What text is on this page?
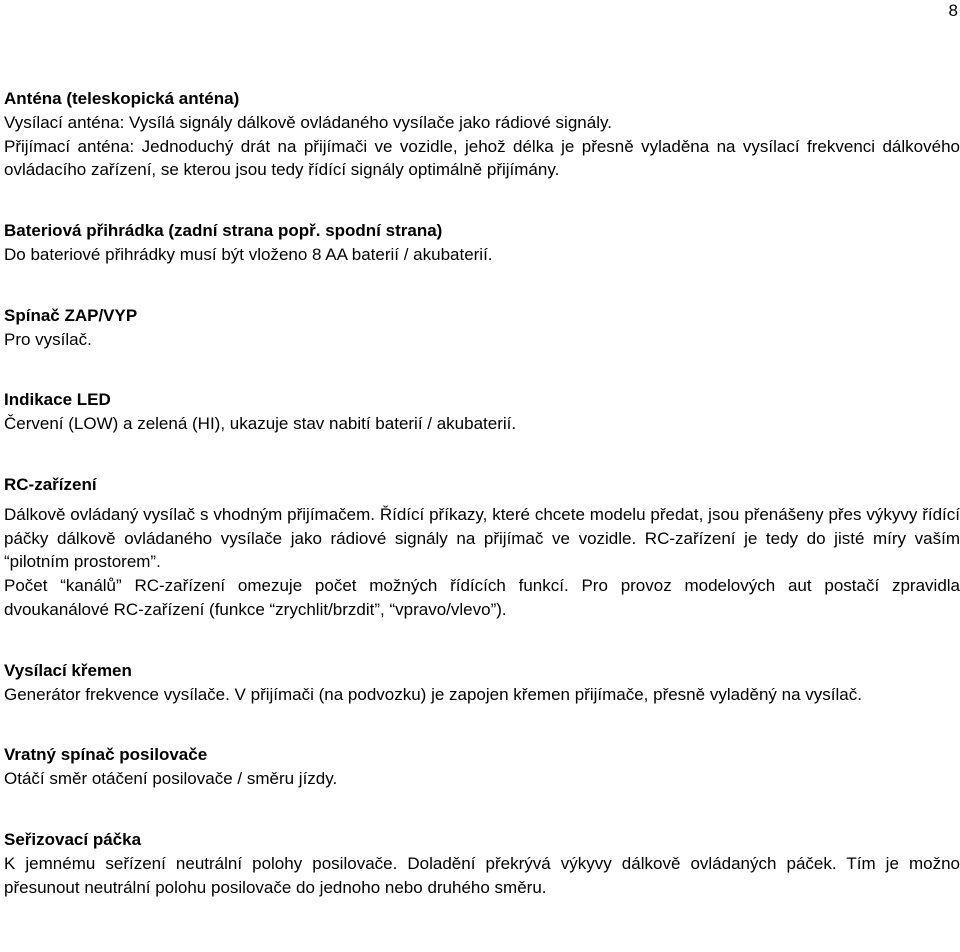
8
Anténa (teleskopická anténa)
Vysílací anténa: Vysílá signály dálkově ovládaného vysílače jako rádiové signály.
Přijímací anténa: Jednoduchý drát na přijímači ve vozidle, jehož délka je přesně vyladěna na vysílací frekvenci dálkového ovládacího zařízení, se kterou jsou tedy řídící signály optimálně přijímány.
Bateriová přihrádka (zadní strana popř. spodní strana)
Do bateriové přihrádky musí být vloženo 8 AA baterií / akubaterií.
Spínač ZAP/VYP
Pro vysílač.
Indikace LED
Červení (LOW) a zelená (HI), ukazuje stav nabití baterií / akubaterií.
RC-zařízení
Dálkově ovládaný vysílač s vhodným přijímačem. Řídící příkazy, které chcete modelu předat, jsou přenášeny přes výkyvy řídící páčky dálkově ovládaného vysílače jako rádiové signály na přijímač ve vozidle. RC-zařízení je tedy do jisté míry vaším “pilotním prostorem”.
Počet “kanálů” RC-zařízení omezuje počet možných řídících funkcí. Pro provoz modelových aut postačí zpravidla dvoukanálové RC-zařízení (funkce “zrychlit/brzdit”, “vpravo/vlevo”).
Vysílací křemen
Generátor frekvence vysílače. V přijímači (na podvozku) je zapojen křemen přijímače, přesně vyladěný na vysílač.
Vratný spínač posilovače
Otáčí směr otáčení posilovače / směru jízdy.
Seřizovací páčka
K jemnému seřízení neutrální polohy posilovače. Doladění překrývá výkyvy dálkově ovládaných páček. Tím je možno přesunout neutrální polohu posilovače do jednoho nebo druhého směru.
